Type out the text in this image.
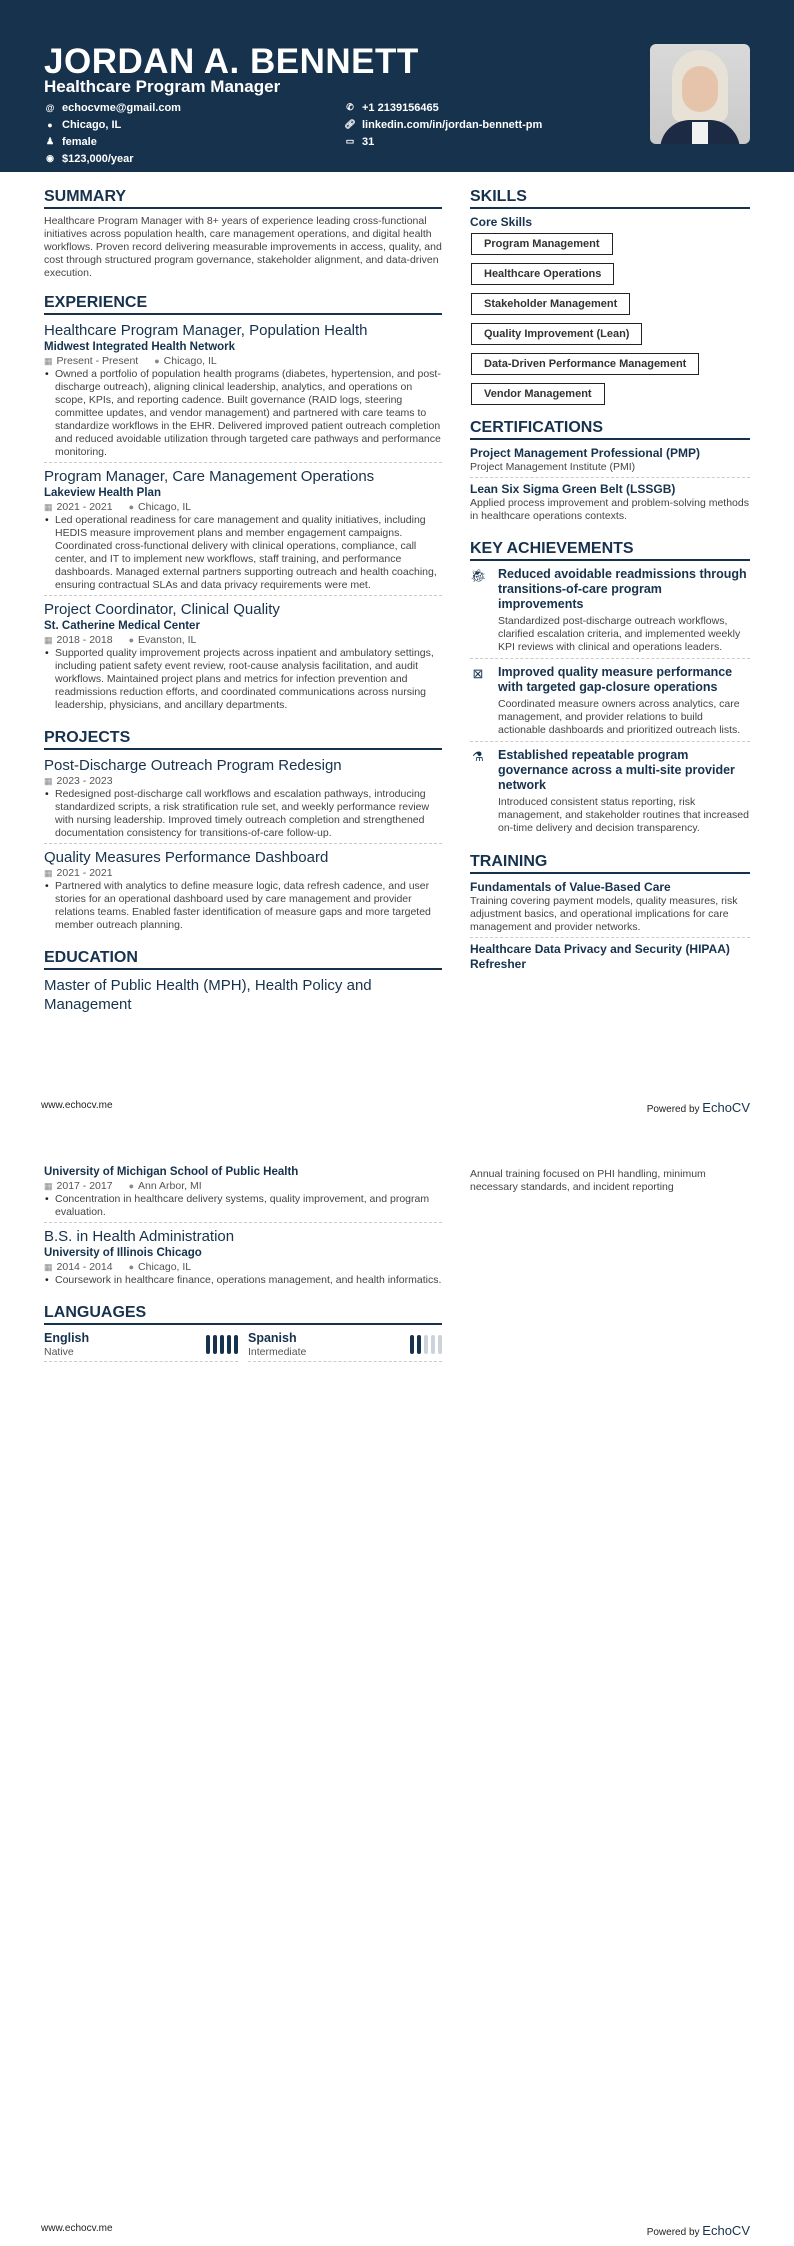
JORDAN A. BENNETT
Healthcare Program Manager
@ echocvme@gmail.com	✆ +1 2139156465
● Chicago, IL	🔗︎ linkedin.com/in/jordan-bennett-pm
♟ female	▭ 31
◉ $123,000/year
SUMMARY
Healthcare Program Manager with 8+ years of experience leading cross-functional initiatives across population health, care management operations, and digital health workflows. Proven record delivering measurable improvements in access, quality, and cost through structured program governance, stakeholder alignment, and data-driven execution.
EXPERIENCE
Healthcare Program Manager, Population Health
Midwest Integrated Health Network
▦ Present - Present ● Chicago, IL
• Owned a portfolio of population health programs (diabetes, hypertension, and post-discharge outreach), aligning clinical leadership, analytics, and operations on scope, KPIs, and reporting cadence. Built governance (RAID logs, steering committee updates, and vendor management) and partnered with care teams to standardize workflows in the EHR. Delivered improved patient outreach completion and reduced avoidable utilization through targeted care pathways and performance monitoring.
Program Manager, Care Management Operations
Lakeview Health Plan
▦ 2021 - 2021 ● Chicago, IL
• Led operational readiness for care management and quality initiatives, including HEDIS measure improvement plans and member engagement campaigns. Coordinated cross-functional delivery with clinical operations, compliance, call center, and IT to implement new workflows, staff training, and performance dashboards. Managed external partners supporting outreach and health coaching, ensuring contractual SLAs and data privacy requirements were met.
Project Coordinator, Clinical Quality
St. Catherine Medical Center
▦ 2018 - 2018 ● Evanston, IL
• Supported quality improvement projects across inpatient and ambulatory settings, including patient safety event review, root-cause analysis facilitation, and audit workflows. Maintained project plans and metrics for infection prevention and readmissions reduction efforts, and coordinated communications across nursing leadership, physicians, and ancillary departments.
PROJECTS
Post-Discharge Outreach Program Redesign
▦ 2023 - 2023
• Redesigned post-discharge call workflows and escalation pathways, introducing standardized scripts, a risk stratification rule set, and weekly performance review with nursing leadership. Improved timely outreach completion and strengthened documentation consistency for transitions-of-care follow-up.
Quality Measures Performance Dashboard
▦ 2021 - 2021
• Partnered with analytics to define measure logic, data refresh cadence, and user stories for an operational dashboard used by care management and provider relations teams. Enabled faster identification of measure gaps and more targeted member outreach planning.
EDUCATION
Master of Public Health (MPH), Health Policy and Management
SKILLS
Core Skills
Program Management
Healthcare Operations
Stakeholder Management
Quality Improvement (Lean)
Data-Driven Performance Management
Vendor Management
CERTIFICATIONS
Project Management Professional (PMP)
Project Management Institute (PMI)
Lean Six Sigma Green Belt (LSSGB)
Applied process improvement and problem-solving methods in healthcare operations contexts.
KEY ACHIEVEMENTS
🐞︎ Reduced avoidable readmissions through transitions-of-care program improvements
Standardized post-discharge outreach workflows, clarified escalation criteria, and implemented weekly KPI reviews with clinical and operations leaders.
⊠ Improved quality measure performance with targeted gap-closure operations
Coordinated measure owners across analytics, care management, and provider relations to build actionable dashboards and prioritized outreach lists.
⚗ Established repeatable program governance across a multi-site provider network
Introduced consistent status reporting, risk management, and stakeholder routines that increased on-time delivery and decision transparency.
TRAINING
Fundamentals of Value-Based Care
Training covering payment models, quality measures, risk adjustment basics, and operational implications for care management and provider networks.
Healthcare Data Privacy and Security (HIPAA) Refresher
www.echocv.me	Powered by EchoCV
University of Michigan School of Public Health
▦ 2017 - 2017 ● Ann Arbor, MI
• Concentration in healthcare delivery systems, quality improvement, and program evaluation.
B.S. in Health Administration
University of Illinois Chicago
▦ 2014 - 2014 ● Chicago, IL
• Coursework in healthcare finance, operations management, and health informatics.
LANGUAGES
English
Native
Spanish
Intermediate
Annual training focused on PHI handling, minimum necessary standards, and incident reporting
www.echocv.me	Powered by EchoCV
